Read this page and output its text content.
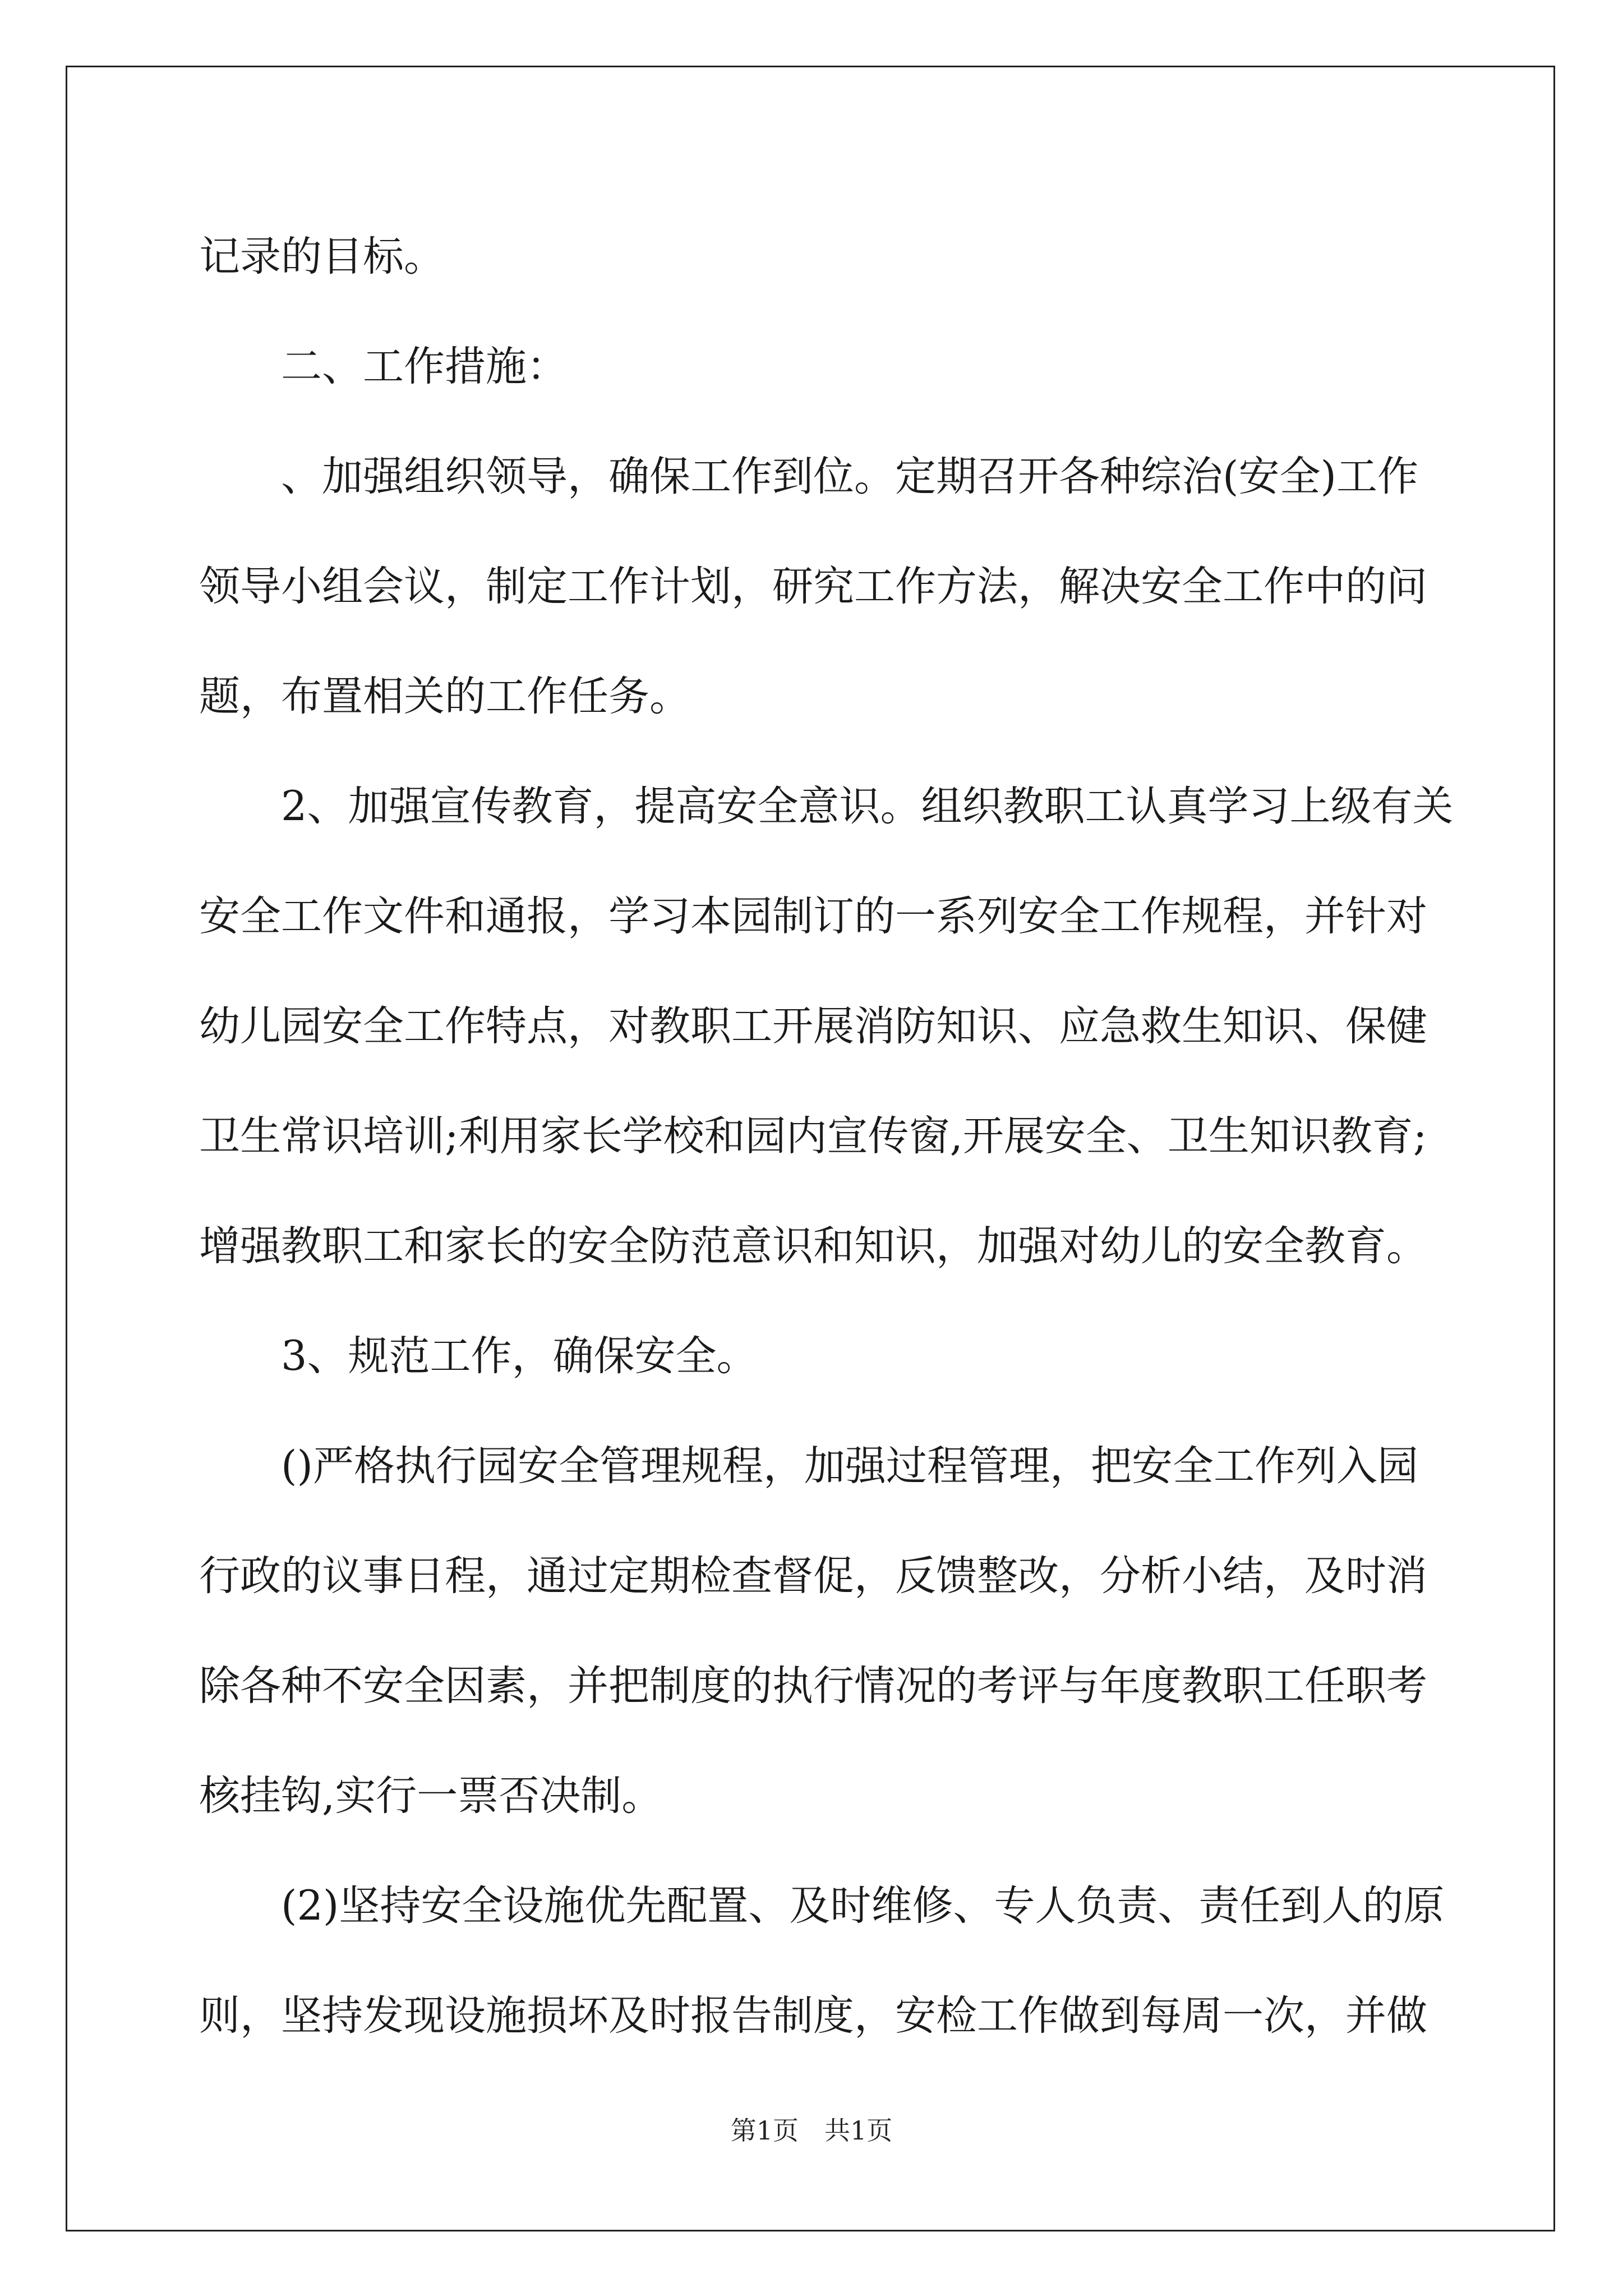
记录的目标。
二、工作措施：
、加强组织领导，确保工作到位。定期召开各种综治(安全)工作
领导小组会议，制定工作计划，研究工作方法，解决安全工作中的问
题，布置相关的工作任务。
2、加强宣传教育，提高安全意识。组织教职工认真学习上级有关
安全工作文件和通报，学习本园制订的一系列安全工作规程，并针对
幼儿园安全工作特点，对教职工开展消防知识、应急救生知识、保健
卫生常识培训;利用家长学校和园内宣传窗,开展安全、卫生知识教育;
增强教职工和家长的安全防范意识和知识，加强对幼儿的安全教育。
3、规范工作，确保安全。
()严格执行园安全管理规程，加强过程管理，把安全工作列入园
行政的议事日程，通过定期检查督促，反馈整改，分析小结，及时消
除各种不安全因素，并把制度的执行情况的考评与年度教职工任职考
核挂钩,实行一票否决制。
(2)坚持安全设施优先配置、及时维修、专人负责、责任到人的原
则，坚持发现设施损坏及时报告制度，安检工作做到每周一次，并做
第1页　共1页
